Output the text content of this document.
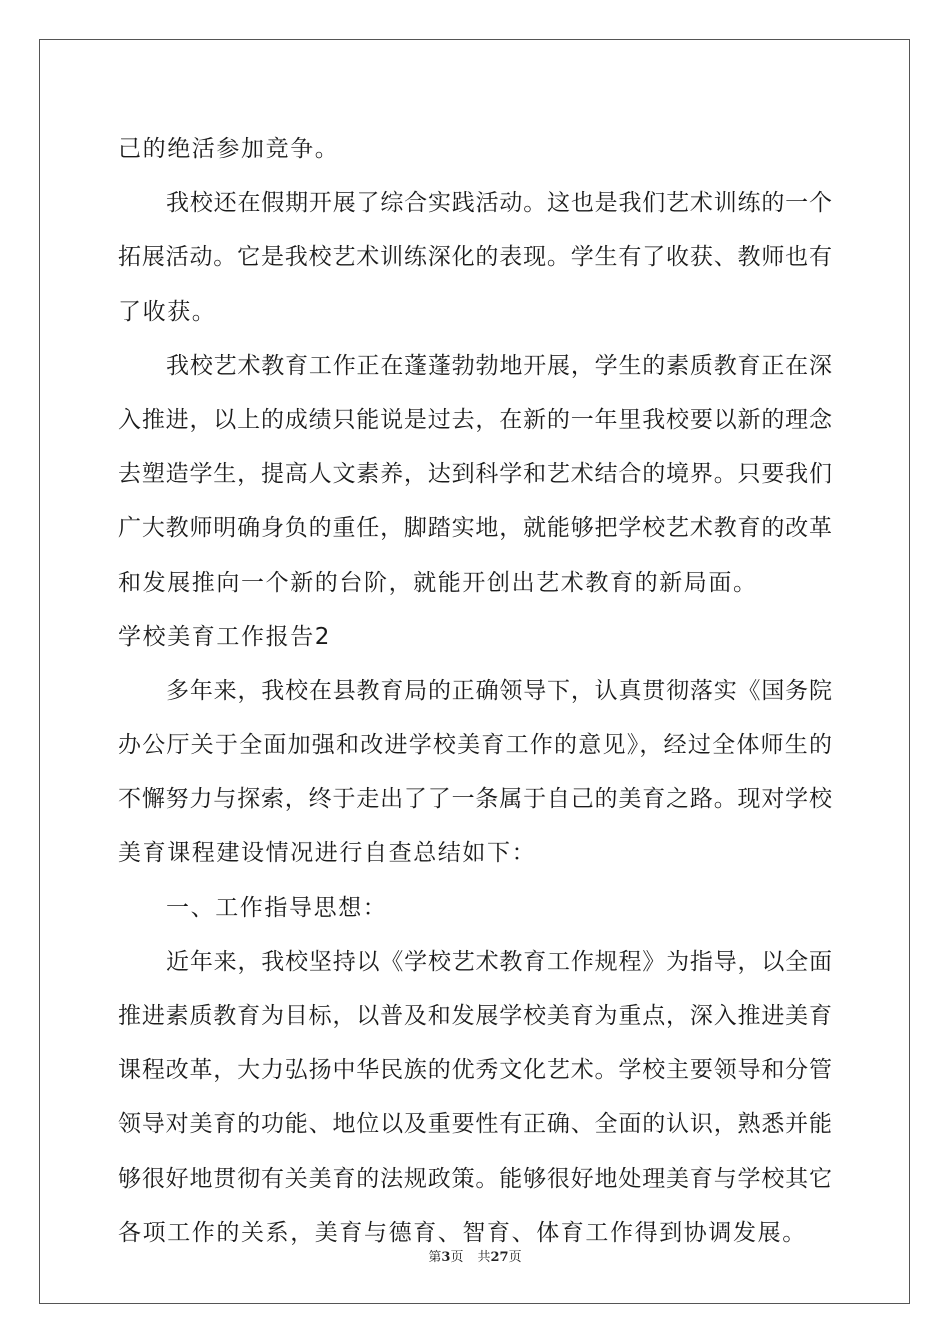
己的绝活参加竞争。
我校还在假期开展了综合实践活动。这也是我们艺术训练的一个
拓展活动。它是我校艺术训练深化的表现。学生有了收获、教师也有
了收获。
我校艺术教育工作正在蓬蓬勃勃地开展，学生的素质教育正在深
入推进，以上的成绩只能说是过去，在新的一年里我校要以新的理念
去塑造学生，提高人文素养，达到科学和艺术结合的境界。只要我们
广大教师明确身负的重任，脚踏实地，就能够把学校艺术教育的改革
和发展推向一个新的台阶，就能开创出艺术教育的新局面。
学校美育工作报告2
多年来，我校在县教育局的正确领导下，认真贯彻落实《国务院
办公厅关于全面加强和改进学校美育工作的意见》，经过全体师生的
不懈努力与探索，终于走出了了一条属于自己的美育之路。现对学校
美育课程建设情况进行自查总结如下：
一、工作指导思想：
近年来，我校坚持以《学校艺术教育工作规程》为指导，以全面
推进素质教育为目标，以普及和发展学校美育为重点，深入推进美育
课程改革，大力弘扬中华民族的优秀文化艺术。学校主要领导和分管
领导对美育的功能、地位以及重要性有正确、全面的认识，熟悉并能
够很好地贯彻有关美育的法规政策。能够很好地处理美育与学校其它
各项工作的关系，美育与德育、智育、体育工作得到协调发展。
第3页 共27页
